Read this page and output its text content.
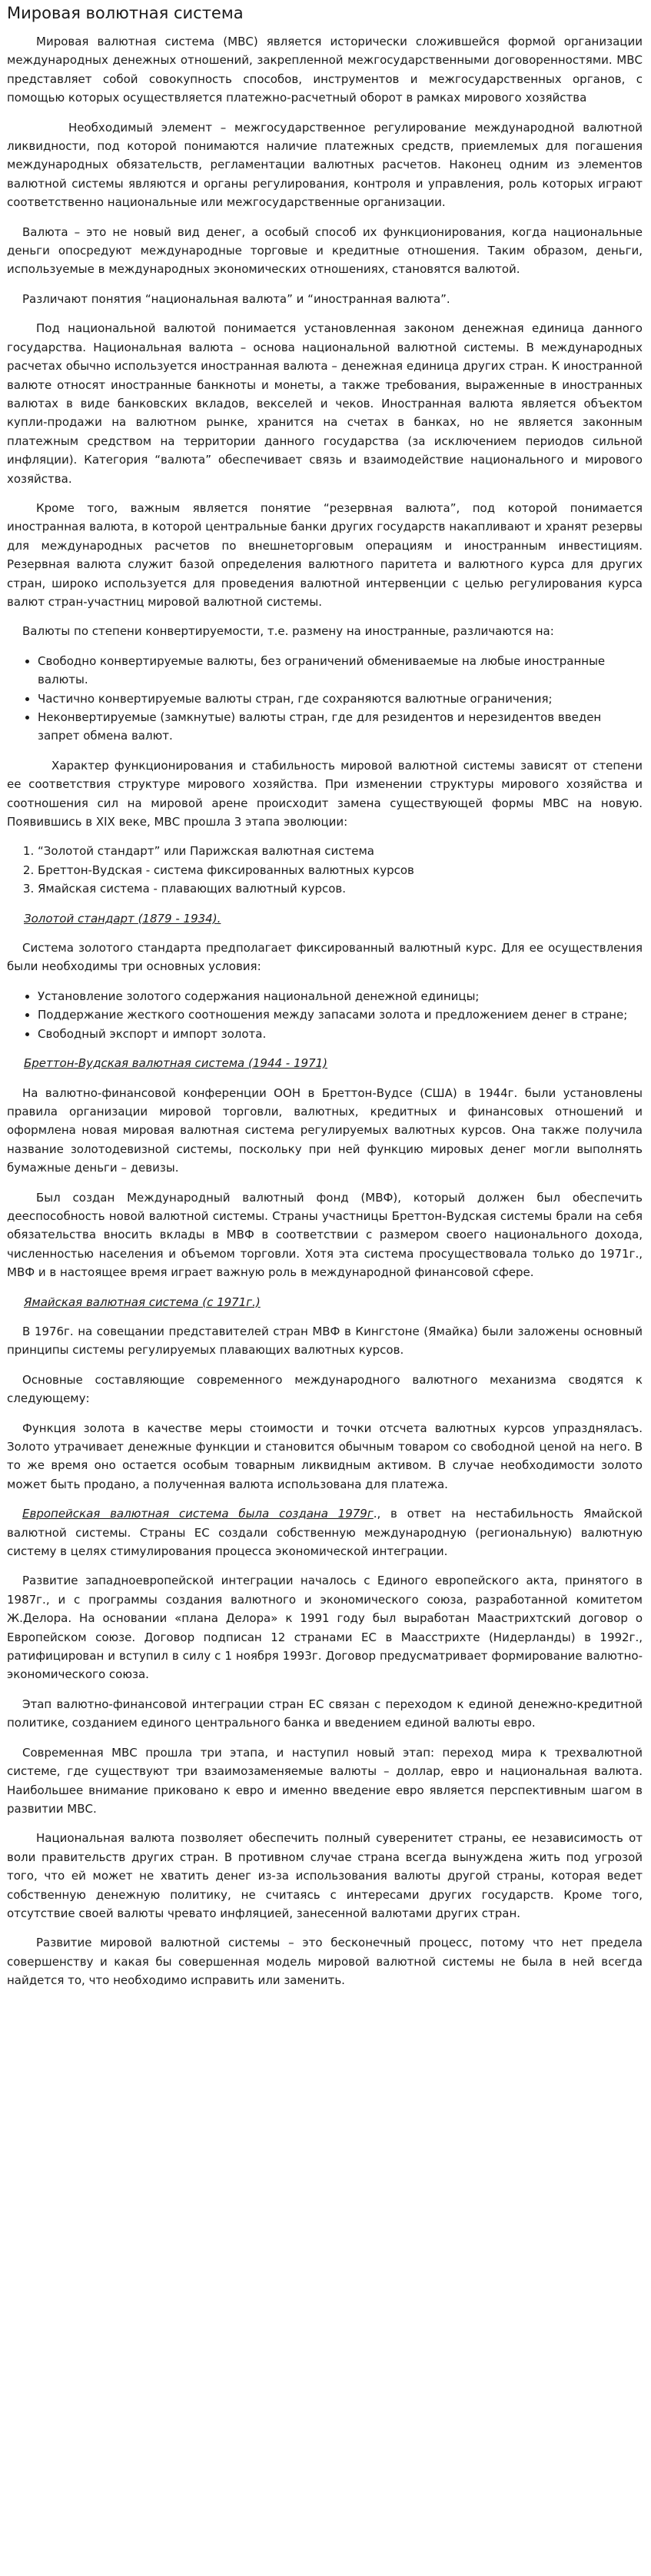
Мировая волютная система

Мировая валютная система (МВС) является исторически сложившейся формой организации международных денежных отношений, закрепленной межгосударственными договоренностями. МВС представляет собой совокупность способов, инструментов и межгосударственных органов, с помощью которых осуществляется платежно-расчетный оборот в рамках мирового хозяйства

Необходимый элемент – межгосударственное регулирование международной валютной ликвидности, под которой понимаются наличие платежных средств, приемлемых для погашения международных обязательств, регламентации валютных расчетов. Наконец одним из элементов валютной системы являются и органы регулирования, контроля и управления, роль которых играют соответственно национальные или межгосударственные организации.

Валюта – это не новый вид денег, а особый способ их функционирования, когда национальные деньги опосредуют международные торговые и кредитные отношения. Таким образом, деньги, используемые в международных экономических отношениях, становятся валютой.

Различают понятия “национальная валюта” и “иностранная валюта”.

Под национальной валютой понимается установленная законом денежная единица данного государства. Национальная валюта – основа национальной валютной системы. В международных расчетах обычно используется иностранная валюта – денежная единица других стран. К иностранной валюте относят иностранные банкноты и монеты, а также требования, выраженные в иностранных валютах в виде банковских вкладов, векселей и чеков. Иностранная валюта является объектом купли-продажи на валютном рынке, хранится на счетах в банках, но не является законным платежным средством на территории данного государства (за исключением периодов сильной инфляции). Категория “валюта” обеспечивает связь и взаимодействие национального и мирового хозяйства.

Кроме того, важным является понятие “резервная валюта”, под которой понимается иностранная валюта, в которой центральные банки других государств накапливают и хранят резервы для международных расчетов по внешнеторговым операциям и иностранным инвестициям. Резервная валюта служит базой определения валютного паритета и валютного курса для других стран, широко используется для проведения валютной интервенции с целью регулирования курса валют стран-участниц мировой валютной системы.

Валюты по степени конвертируемости, т.е. размену на иностранные, различаются на:

• Свободно конвертируемые валюты, без ограничений обмениваемые на любые иностранные валюты.
• Частично конвертируемые валюты стран, где сохраняются валютные ограничения;
• Неконвертируемые (замкнутые) валюты стран, где для резидентов и нерезидентов введен запрет обмена валют.

Характер функционирования и стабильность мировой валютной системы зависят от степени ее соответствия структуре мирового хозяйства. При изменении структуры мирового хозяйства и соотношения сил на мировой арене происходит замена существующей формы МВС на новую. Появившись в XIX веке, МВС прошла 3 этапа эволюции:

1. “Золотой стандарт” или Парижская валютная система
2. Бреттон-Вудская - система фиксированных валютных курсов
3. Ямайская система - плавающих валютный курсов.
Золотой стандарт (1879 - 1934).

Система золотого стандарта предполагает фиксированный валютный курс. Для ее осуществления были необходимы три основных условия:

• Установление золотого содержания национальной денежной единицы;
• Поддержание жесткого соотношения между запасами золота и предложением денег в стране;
• Свободный экспорт и импорт золота.
Бреттон-Вудская валютная система (1944 - 1971)

На валютно-финансовой конференции ООН в Бреттон-Вудсе (США) в 1944г. были установлены правила организации мировой торговли, валютных, кредитных и финансовых отношений и оформлена новая мировая валютная система регулируемых валютных курсов. Она также получила название золотодевизной системы, поскольку при ней функцию мировых денег могли выполнять бумажные деньги – девизы.

Был создан Международный валютный фонд (МВФ), который должен был обеспечить дееспособность новой валютной системы. Страны участницы Бреттон-Вудская системы брали на себя обязательства вносить вклады в МВФ в соответствии с размером своего национального дохода, численностью населения и объемом торговли. Хотя эта система просуществовала только до 1971г., МВФ и в настоящее время играет важную роль в международной финансовой сфере.

Ямайская валютная система (с 1971г.)

В 1976г. на совещании представителей стран МВФ в Кингстоне (Ямайка) были заложены основный принципы системы регулируемых плавающих валютных курсов.

Основные составляющие современного международного валютного механизма сводятся к следующему:

Функция золота в качестве меры стоимости и точки отсчета валютных курсов упраздняласъ. Золото утрачивает денежные функции и становится обычным товаром со свободной ценой на него. В то же время оно остается особым товарным ликвидным активом. В случае необходимости золото может быть продано, а полученная валюта использована для платежа.

Европейская валютная система была создана 1979г., в ответ на нестабильность Ямайской валютной системы. Страны ЕС создали собственную международную (региональную) валютную систему в целях стимулирования процесса экономической интеграции.

Развитие западноевропейской интеграции началось с Единого европейского акта, принятого в 1987г., и с программы создания валютного и экономического союза, разработанной комитетом Ж.Делора. На основании «плана Делора» к 1991 году был выработан Маастрихтский договор о Европейском союзе. Договор подписан 12 странами ЕС в Маасстрихте (Нидерланды) в 1992г., ратифицирован и вступил в силу с 1 ноября 1993г. Договор предусматривает формирование валютно-экономического союза.

Этап валютно-финансовой интеграции стран ЕС связан с переходом к единой денежно-кредитной политике, созданием единого центрального банка и введением единой валюты евро.

Современная МВС прошла три этапа, и наступил новый этап: переход мира к трехвалютной системе, где существуют три взаимозаменяемые валюты – доллар, евро и национальная валюта. Наибольшее внимание приковано к евро и именно введение евро является перспективным шагом в развитии МВС.

Национальная валюта позволяет обеспечить полный суверенитет страны, ее независимость от воли правительств других стран. В противном случае страна всегда вынуждена жить под угрозой того, что ей может не хватить денег из-за использования валюты другой страны, которая ведет собственную денежную политику, не считаясь с интересами других государств. Кроме того, отсутствие своей валюты чревато инфляцией, занесенной валютами других стран.

Развитие мировой валютной системы – это бесконечный процесс, потому что нет предела совершенству и какая бы совершенная модель мировой валютной системы не была в ней всегда найдется то, что необходимо исправить или заменить.
